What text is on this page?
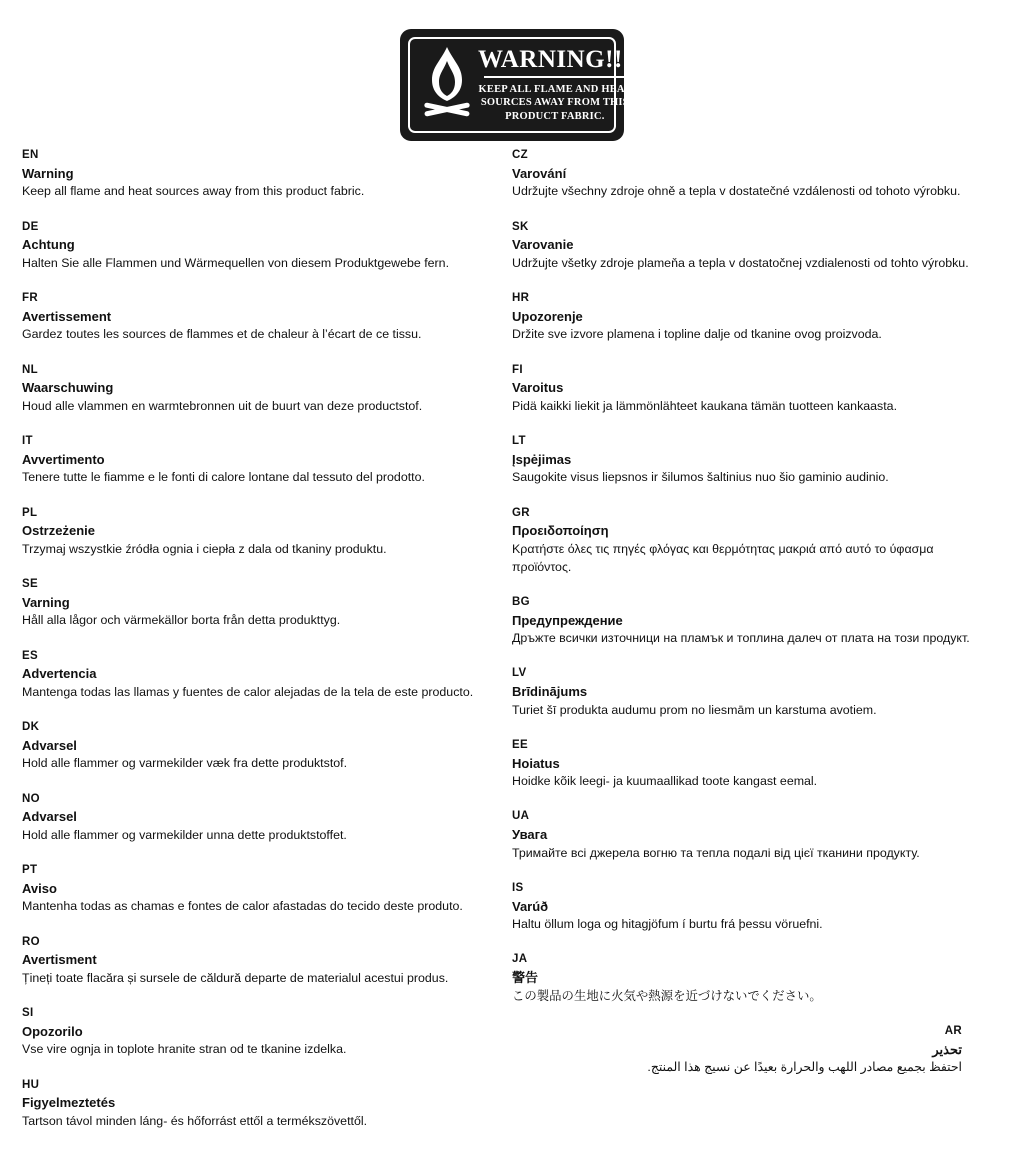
WARNING!!!
KEEP ALL FLAME AND HEAT SOURCES AWAY FROM THIS PRODUCT FABRIC.
EN
Warning
Keep all flame and heat sources away from this product fabric.
DE
Achtung
Halten Sie alle Flammen und Wärmequellen von diesem Produktgewebe fern.
FR
Avertissement
Gardez toutes les sources de flammes et de chaleur à l’écart de ce tissu.
NL
Waarschuwing
Houd alle vlammen en warmtebronnen uit de buurt van deze productstof.
IT
Avvertimento
Tenere tutte le fiamme e le fonti di calore lontane dal tessuto del prodotto.
PL
Ostrzeżenie
Trzymaj wszystkie źródła ognia i ciepła z dala od tkaniny produktu.
SE
Varning
Håll alla lågor och värmekällor borta från detta produkttyg.
ES
Advertencia
Mantenga todas las llamas y fuentes de calor alejadas de la tela de este producto.
DK
Advarsel
Hold alle flammer og varmekilder væk fra dette produktstof.
NO
Advarsel
Hold alle flammer og varmekilder unna dette produktstoffet.
PT
Aviso
Mantenha todas as chamas e fontes de calor afastadas do tecido deste produto.
RO
Avertisment
Țineți toate flacăra și sursele de căldură departe de materialul acestui produs.
SI
Opozorilo
Vse vire ognja in toplote hranite stran od te tkanine izdelka.
HU
Figyelmeztetés
Tartson távol minden láng- és hőforrást ettől a termékszövettől.
CZ
Varování
Udržujte všechny zdroje ohně a tepla v dostatečné vzdálenosti od tohoto výrobku.
SK
Varovanie
Udržujte všetky zdroje plameňa a tepla v dostatočnej vzdialenosti od tohto výrobku.
HR
Upozorenje
Držite sve izvore plamena i topline dalje od tkanine ovog proizvoda.
FI
Varoitus
Pidä kaikki liekit ja lämmönlähteet kaukana tämän tuotteen kankaasta.
LT
Įspėjimas
Saugokite visus liepsnos ir šilumos šaltinius nuo šio gaminio audinio.
GR
Προειδοποίηση
Κρατήστε όλες τις πηγές φλόγας και θερμότητας μακριά από αυτό το ύφασμα προϊόντος.
BG
Предупреждение
Дръжте всички източници на пламък и топлина далеч от плата на този продукт.
LV
Brīdinājums
Turiet šī produkta audumu prom no liesmām un karstuma avotiem.
EE
Hoiatus
Hoidke kõik leegi- ja kuumaallikad toote kangast eemal.
UA
Увага
Тримайте всі джерела вогню та тепла подалі від цієї тканини продукту.
IS
Varúð
Haltu öllum loga og hitagjöfum í burtu frá þessu vöruefni.
JA
警告
この製品の生地に火気や熱源を近づけないでください。
AR
تحذير
احتفظ بجميع مصادر اللهب والحرارة بعيدًا عن نسيج هذا المنتج.
